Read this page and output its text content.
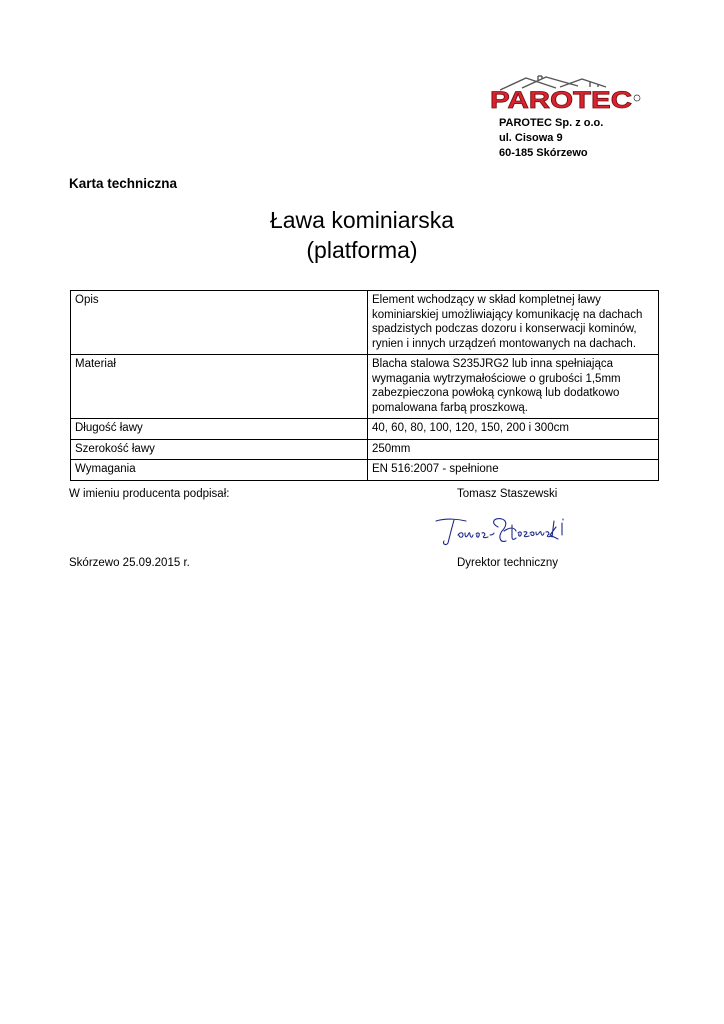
PAROTEC
PAROTEC Sp. z o.o.
ul. Cisowa 9
60-185 Skórzewo
Karta techniczna
Ława kominiarska
(platforma)
Opis	Element wchodzący w skład kompletnej ławy kominiarskiej umożliwiający komunikację na dachach spadzistych podczas dozoru i konserwacji kominów, rynien i innych urządzeń montowanych na dachach.
Materiał	Blacha stalowa S235JRG2 lub inna spełniająca wymagania wytrzymałościowe o grubości 1,5mm zabezpieczona powłoką cynkową lub dodatkowo pomalowana farbą proszkową.
Długość ławy	40, 60, 80, 100, 120, 150, 200 i 300cm
Szerokość ławy	250mm
Wymagania	EN 516:2007 - spełnione
W imieniu producenta podpisał:	Tomasz Staszewski
Skórzewo 25.09.2015 r.	Dyrektor techniczny
